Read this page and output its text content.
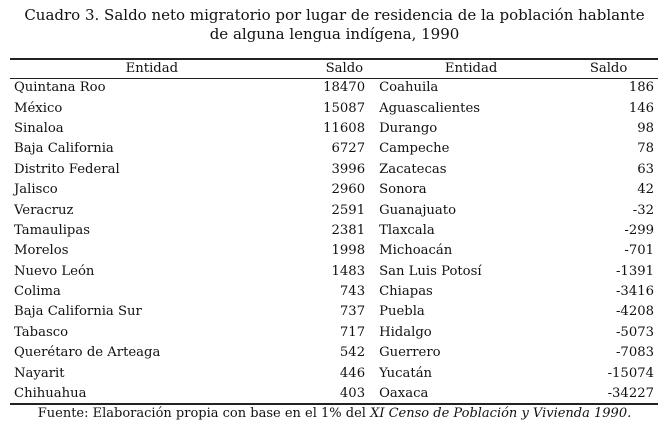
Cuadro 3. Saldo neto migratorio por lugar de residencia de la población hablante
de alguna lengua indígena, 1990
Entidad	Saldo	Entidad	Saldo
Quintana Roo	18470	Coahuila	186
México	15087	Aguascalientes	146
Sinaloa	11608	Durango	98
Baja California	6727	Campeche	78
Distrito Federal	3996	Zacatecas	63
Jalisco	2960	Sonora	42
Veracruz	2591	Guanajuato	-32
Tamaulipas	2381	Tlaxcala	-299
Morelos	1998	Michoacán	-701
Nuevo León	1483	San Luis Potosí	-1391
Colima	743	Chiapas	-3416
Baja California Sur	737	Puebla	-4208
Tabasco	717	Hidalgo	-5073
Querétaro de Arteaga	542	Guerrero	-7083
Nayarit	446	Yucatán	-15074
Chihuahua	403	Oaxaca	-34227
Fuente: Elaboración propia con base en el 1% del XI Censo de Población y Vivienda 1990.
